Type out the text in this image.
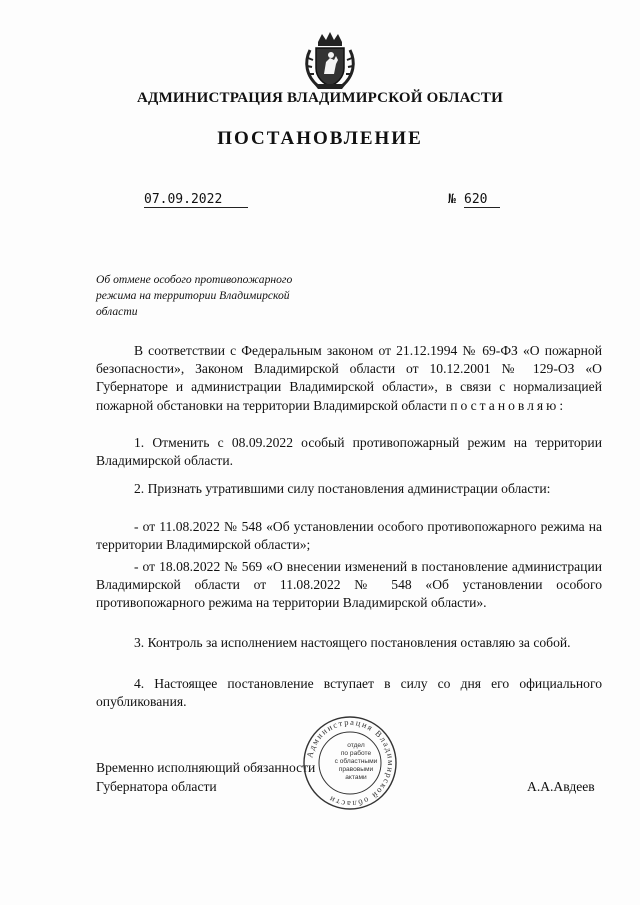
АДМИНИСТРАЦИЯ ВЛАДИМИРСКОЙ ОБЛАСТИ
ПОСТАНОВЛЕНИЕ
07.09.2022	№ 620
Об отмене особого противопожарного
режима на территории Владимирской
области
В соответствии с Федеральным законом от 21.12.1994 № 69-ФЗ «О пожарной безопасности», Законом Владимирской области от 10.12.2001 № 129-ОЗ «О Губернаторе и администрации Владимирской области», в связи с нормализацией пожарной обстановки на территории Владимирской области постановляю:
1. Отменить с 08.09.2022 особый противопожарный режим на территории Владимирской области.
2. Признать утратившими силу постановления администрации области:
- от 11.08.2022 № 548 «Об установлении особого противопожарного режима на территории Владимирской области»;
- от 18.08.2022 № 569 «О внесении изменений в постановление администрации Владимирской области от 11.08.2022 № 548 «Об установлении особого противопожарного режима на территории Владимирской области».
3. Контроль за исполнением настоящего постановления оставляю за собой.
4. Настоящее постановление вступает в силу со дня его официального опубликования.
Временно исполняющий обязанности
Губернатора области	А.А.Авдеев
Администрация Владимирской области
отдел
по работе
с областными
правовыми
актами
